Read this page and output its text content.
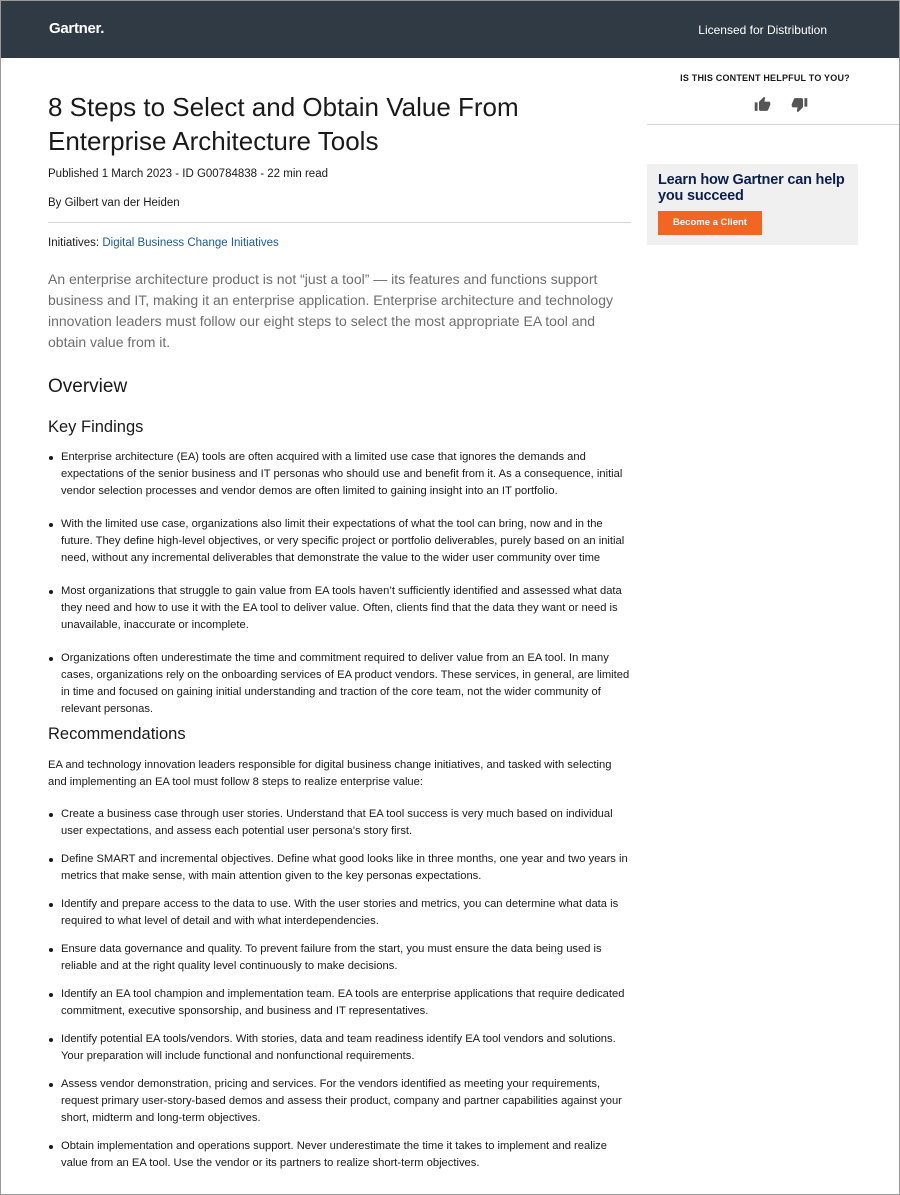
Gartner.	Licensed for Distribution
8 Steps to Select and Obtain Value From Enterprise Architecture Tools
Published 1 March 2023 - ID G00784838 - 22 min read
By Gilbert van der Heiden
Initiatives: Digital Business Change Initiatives

An enterprise architecture product is not “just a tool” — its features and functions support business and IT, making it an enterprise application. Enterprise architecture and technology innovation leaders must follow our eight steps to select the most appropriate EA tool and obtain value from it.

Overview
Key Findings
Enterprise architecture (EA) tools are often acquired with a limited use case that ignores the demands and expectations of the senior business and IT personas who should use and benefit from it. As a consequence, initial vendor selection processes and vendor demos are often limited to gaining insight into an IT portfolio.
With the limited use case, organizations also limit their expectations of what the tool can bring, now and in the future. They define high-level objectives, or very specific project or portfolio deliverables, purely based on an initial need, without any incremental deliverables that demonstrate the value to the wider user community over time
Most organizations that struggle to gain value from EA tools haven’t sufficiently identified and assessed what data they need and how to use it with the EA tool to deliver value. Often, clients find that the data they want or need is unavailable, inaccurate or incomplete.
Organizations often underestimate the time and commitment required to deliver value from an EA tool. In many cases, organizations rely on the onboarding services of EA product vendors. These services, in general, are limited in time and focused on gaining initial understanding and traction of the core team, not the wider community of relevant personas.
Recommendations

EA and technology innovation leaders responsible for digital business change initiatives, and tasked with selecting and implementing an EA tool must follow 8 steps to realize enterprise value:

Create a business case through user stories. Understand that EA tool success is very much based on individual user expectations, and assess each potential user persona’s story first.
Define SMART and incremental objectives. Define what good looks like in three months, one year and two years in metrics that make sense, with main attention given to the key personas expectations.
Identify and prepare access to the data to use. With the user stories and metrics, you can determine what data is required to what level of detail and with what interdependencies.
Ensure data governance and quality. To prevent failure from the start, you must ensure the data being used is reliable and at the right quality level continuously to make decisions.
Identify an EA tool champion and implementation team. EA tools are enterprise applications that require dedicated commitment, executive sponsorship, and business and IT representatives.
Identify potential EA tools/vendors. With stories, data and team readiness identify EA tool vendors and solutions. Your preparation will include functional and nonfunctional requirements.
Assess vendor demonstration, pricing and services. For the vendors identified as meeting your requirements, request primary user-story-based demos and assess their product, company and partner capabilities against your short, midterm and long-term objectives.
Obtain implementation and operations support. Never underestimate the time it takes to implement and realize value from an EA tool. Use the vendor or its partners to realize short-term objectives.
IS THIS CONTENT HELPFUL TO YOU?
Learn how Gartner can help you succeed
Become a Client
